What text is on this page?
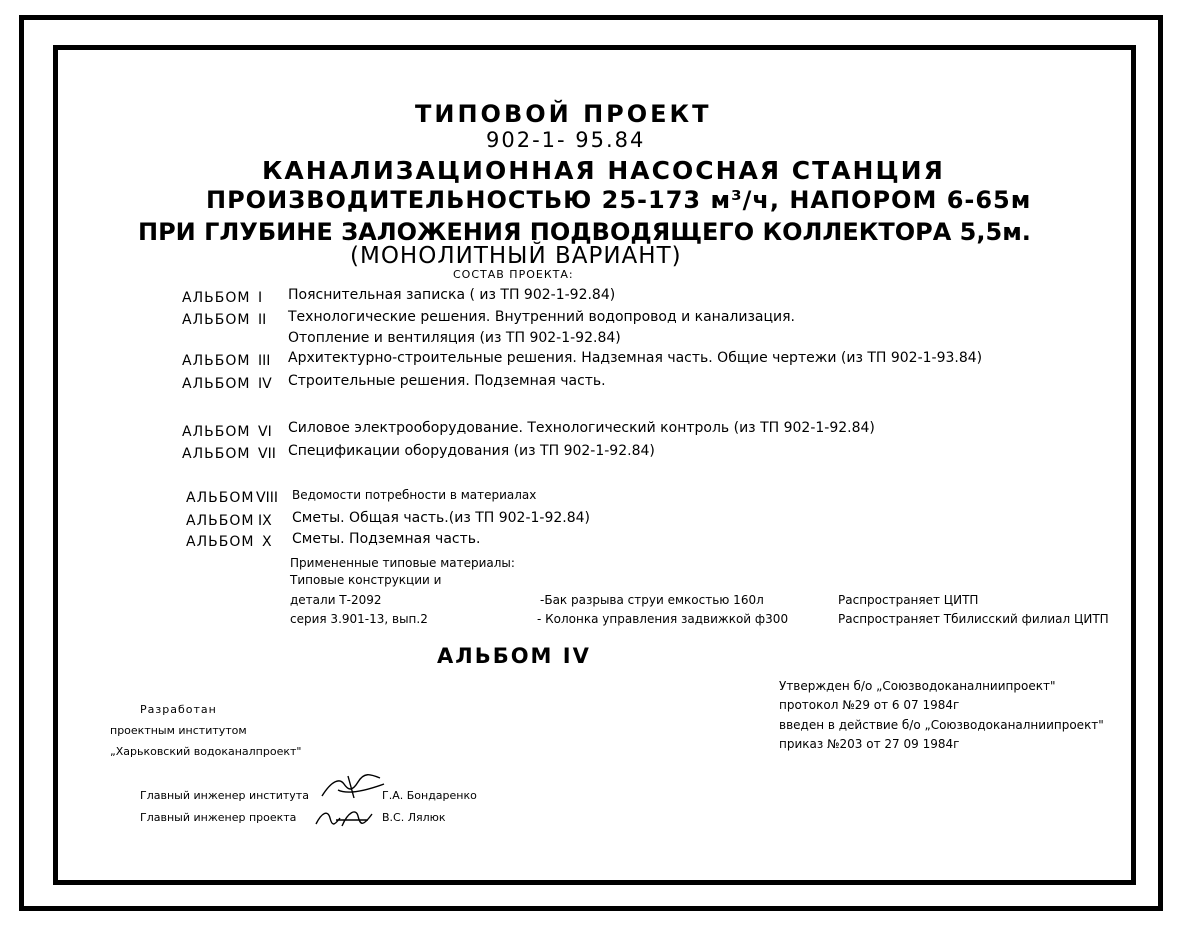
ТИПОВОЙ ПРОЕКТ
902-1- 95.84
КАНАЛИЗАЦИОННАЯ НАСОСНАЯ СТАНЦИЯ
ПРОИЗВОДИТЕЛЬНОСТЬЮ 25-173 м³/ч, НАПОРОМ 6-65м
ПРИ ГЛУБИНЕ ЗАЛОЖЕНИЯ ПОДВОДЯЩЕГО КОЛЛЕКТОРА 5,5м.
(МОНОЛИТНЫЙ ВАРИАНТ)
СОСТАВ ПРОЕКТА:
АЛЬБОМ I Пояснительная записка ( из ТП 902-1-92.84)
АЛЬБОМ II Технологические решения. Внутренний водопровод и канализация.
Отопление и вентиляция (из ТП 902-1-92.84)
АЛЬБОМ III Архитектурно-строительные решения. Надземная часть. Общие чертежи (из ТП 902-1-93.84)
АЛЬБОМ IV Строительные решения. Подземная часть.
АЛЬБОМ VI Силовое электрооборудование. Технологический контроль (из ТП 902-1-92.84)
АЛЬБОМ VII Спецификации оборудования (из ТП 902-1-92.84)
АЛЬБОМ VIII Ведомости потребности в материалах
АЛЬБОМ IX Сметы. Общая часть.(из ТП 902-1-92.84)
АЛЬБОМ X Сметы. Подземная часть.
Примененные типовые материалы:
Типовые конструкции и
детали Т-2092	-Бак разрыва струи емкостью 160л	Распространяет ЦИТП
серия 3.901-13, вып.2	- Колонка управления задвижкой ф300	Распространяет Тбилисский филиал ЦИТП
АЛЬБОМ IV
Утвержден б/о „Союзводоканалниипроект"
протокол №29 от 6 07 1984г
введен в действие б/о „Союзводоканалниипроект"
приказ №203 от 27 09 1984г
Разработан
проектным институтом
„Харьковский водоканалпроект"
Главный инженер института	Г.А. Бондаренко
Главный инженер проекта	В.С. Лялюк
